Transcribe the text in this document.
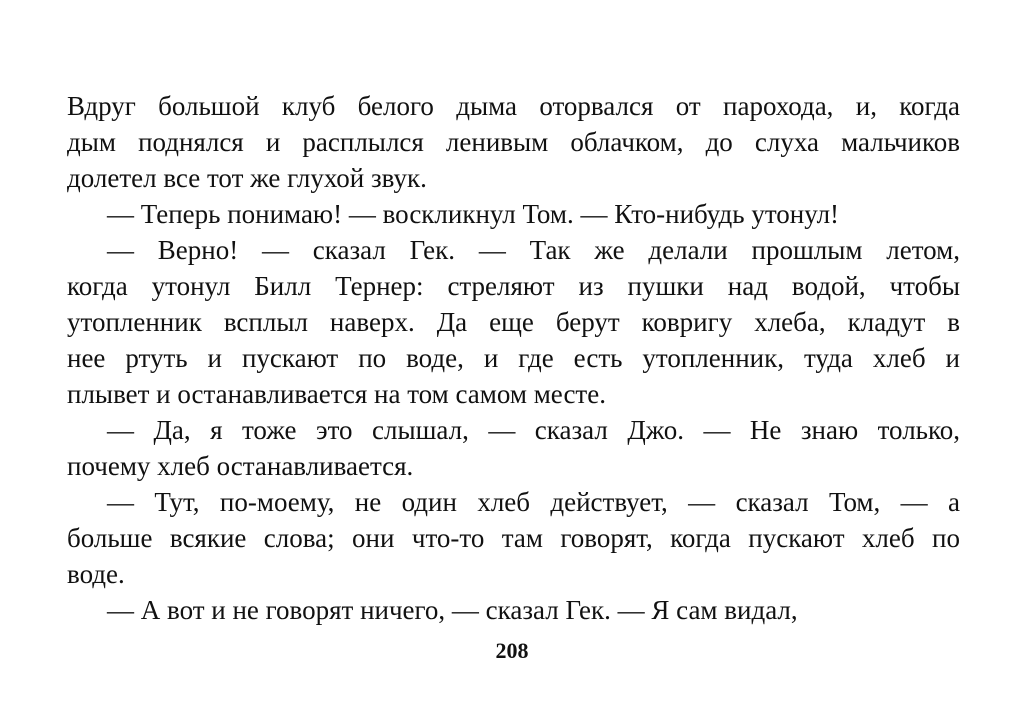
Вдруг большой клуб белого дыма оторвался от парохода, и, когда
дым поднялся и расплылся ленивым облачком, до слуха мальчиков
долетел все тот же глухой звук.
— Теперь понимаю! — воскликнул Том. — Кто-нибудь утонул!
— Верно! — сказал Гек. — Так же делали прошлым летом,
когда утонул Билл Тернер: стреляют из пушки над водой, чтобы
утопленник всплыл наверх. Да еще берут ковригу хлеба, кладут в
нее ртуть и пускают по воде, и где есть утопленник, туда хлеб и
плывет и останавливается на том самом месте.
— Да, я тоже это слышал, — сказал Джо. — Не знаю только,
почему хлеб останавливается.
— Тут, по-моему, не один хлеб действует, — сказал Том, — а
больше всякие слова; они что-то там говорят, когда пускают хлеб по
воде.
— А вот и не говорят ничего, — сказал Гек. — Я сам видал,
208
